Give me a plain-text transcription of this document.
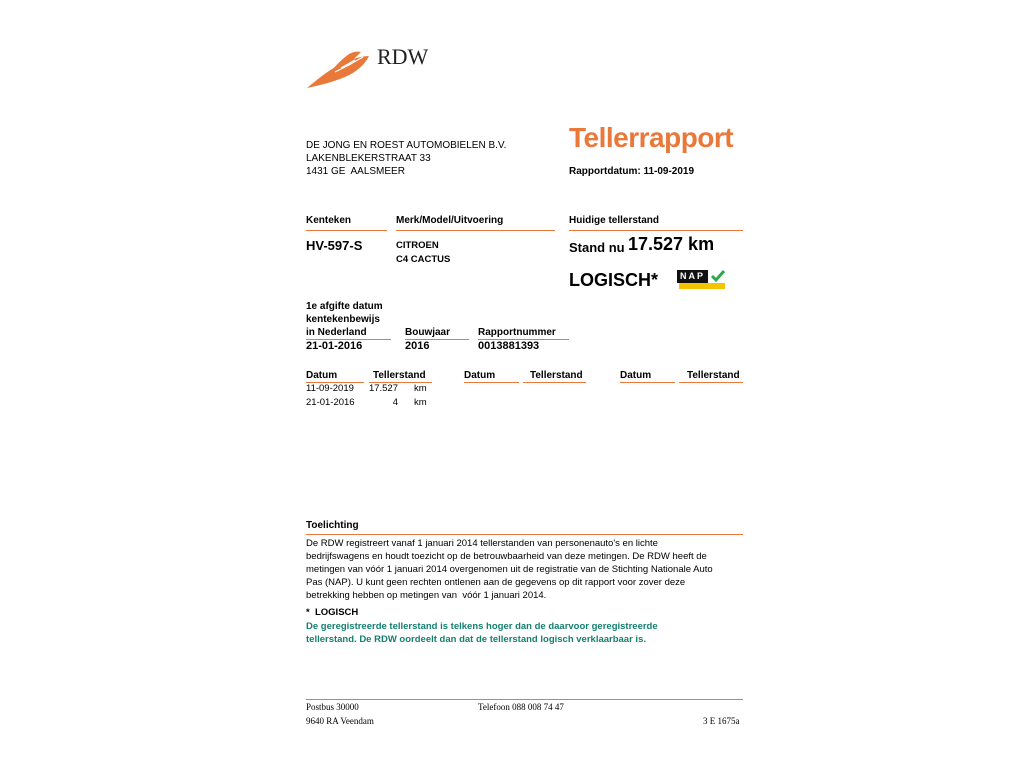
RDW
DE JONG EN ROEST AUTOMOBIELEN B.V.
LAKENBLEKERSTRAAT 33
1431 GE  AALSMEER
Tellerrapport
Rapportdatum: 11-09-2019
Kenteken	Merk/Model/Uitvoering	Huidige tellerstand
HV-597-S	CITROEN
C4 CACTUS
Stand nu 17.527 km
LOGISCH*	NAP
1e afgifte datum
kentekenbewijs
in Nederland	Bouwjaar	Rapportnummer
21-01-2016	2016	0013881393
Datum	Tellerstand	Datum	Tellerstand	Datum	Tellerstand
11-09-2019 17.527 km
21-01-2016	4 km
Toelichting
De RDW registreert vanaf 1 januari 2014 tellerstanden van personenauto's en lichte
bedrijfswagens en houdt toezicht op de betrouwbaarheid van deze metingen. De RDW heeft de
metingen van vóór 1 januari 2014 overgenomen uit de registratie van de Stichting Nationale Auto
Pas (NAP). U kunt geen rechten ontlenen aan de gegevens op dit rapport voor zover deze
betrekking hebben op metingen van  vóór 1 januari 2014.
*  LOGISCH
De geregistreerde tellerstand is telkens hoger dan de daarvoor geregistreerde
tellerstand. De RDW oordeelt dan dat de tellerstand logisch verklaarbaar is.
Postbus 30000	Telefoon 088 008 74 47
9640 RA Veendam	3 E 1675a
